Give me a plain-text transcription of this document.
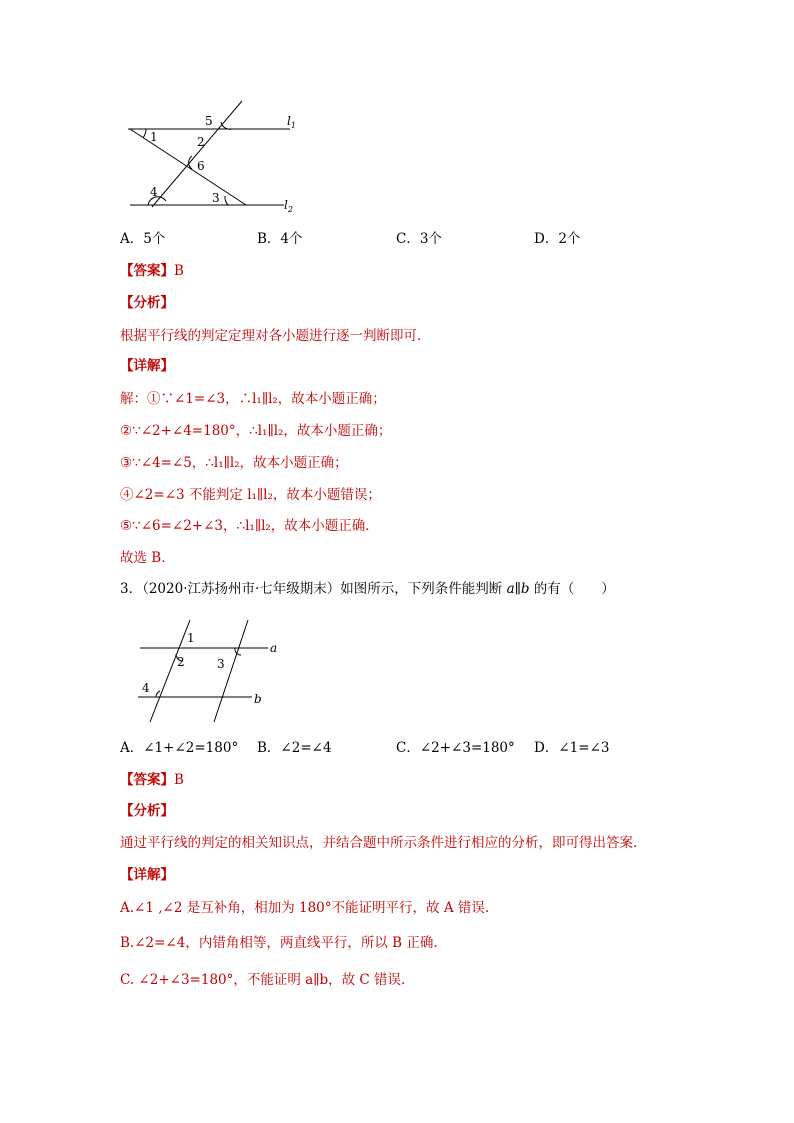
1	2
3
4
5
6
$l_1$
$l_2$
A．5个	B．4个	C．3个	D．2个
【答案】B
【分析】
根据平行线的判定定理对各小题进行逐一判断即可．
【详解】
解：①∵∠1=∠3，∴l₁∥l₂，故本小题正确；
②∵∠2+∠4=180°，∴l₁∥l₂，故本小题正确；
③∵∠4=∠5，∴l₁∥l₂，故本小题正确；
④∠2=∠3 不能判定 l₁∥l₂，故本小题错误；
⑤∵∠6=∠2+∠3，∴l₁∥l₂，故本小题正确．
故选 B．
3．（2020·江苏扬州市·七年级期末）如图所示，下列条件能判断 a∥b 的有（　　）
1
2	3
4
a
b
A．∠1+∠2=180° B．∠2=∠4	C．∠2+∠3=180° D．∠1=∠3
【答案】B
【分析】
通过平行线的判定的相关知识点，并结合题中所示条件进行相应的分析，即可得出答案.
【详解】
A.∠1 ,∠2 是互补角，相加为 180°不能证明平行，故 A 错误.
B.∠2=∠4，内错角相等，两直线平行，所以 B 正确.
C. ∠2+∠3=180°，不能证明 a∥b，故 C 错误.
